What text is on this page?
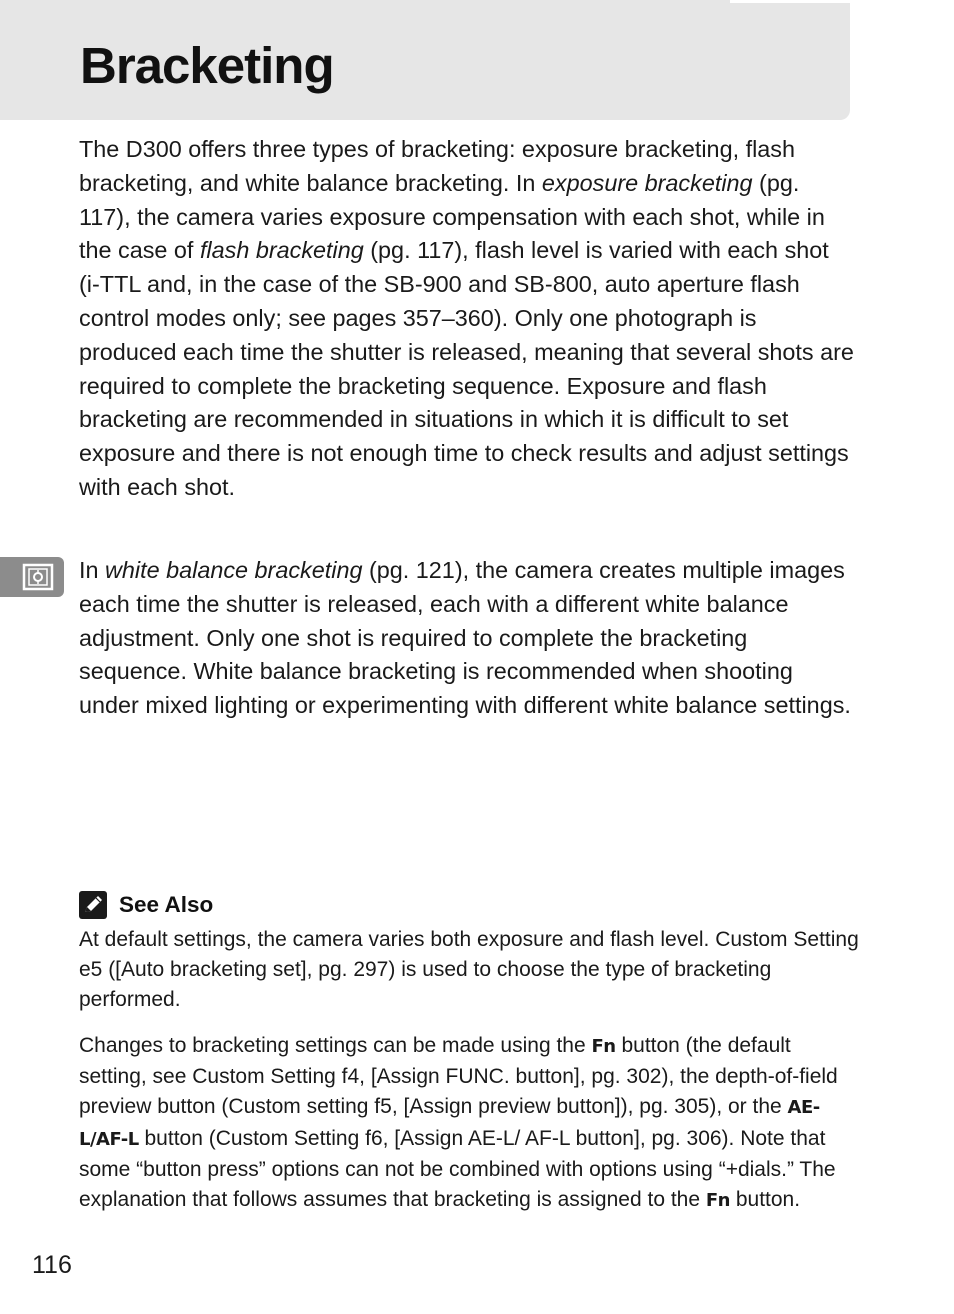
Bracketing

The D300 offers three types of bracketing: exposure bracketing, flash bracketing, and white balance bracketing. In exposure bracketing (pg. 117), the camera varies exposure compensation with each shot, while in the case of flash bracketing (pg. 117), flash level is varied with each shot (i-TTL and, in the case of the SB-900 and SB-800, auto aperture flash control modes only; see pages 357–360). Only one photograph is produced each time the shutter is released, meaning that several shots are required to complete the bracketing sequence. Exposure and flash bracketing are recommended in situations in which it is difficult to set exposure and there is not enough time to check results and adjust settings with each shot.

In white balance bracketing (pg. 121), the camera creates multiple images each time the shutter is released, each with a different white balance adjustment. Only one shot is required to complete the bracketing sequence. White balance bracketing is recommended when shooting under mixed lighting or experimenting with different white balance settings.

See Also

At default settings, the camera varies both exposure and flash level. Custom Setting e5 ([Auto bracketing set], pg. 297) is used to choose the type of bracketing performed.

Changes to bracketing settings can be made using the Fn button (the default setting, see Custom Setting f4, [Assign FUNC. button], pg. 302), the depth-of-field preview button (Custom setting f5, [Assign preview button]), pg. 305), or the AE-L/AF-L button (Custom Setting f6, [Assign AE-L/ AF-L button], pg. 306). Note that some “button press” options can not be combined with options using “+dials.” The explanation that follows assumes that bracketing is assigned to the Fn button.

116
